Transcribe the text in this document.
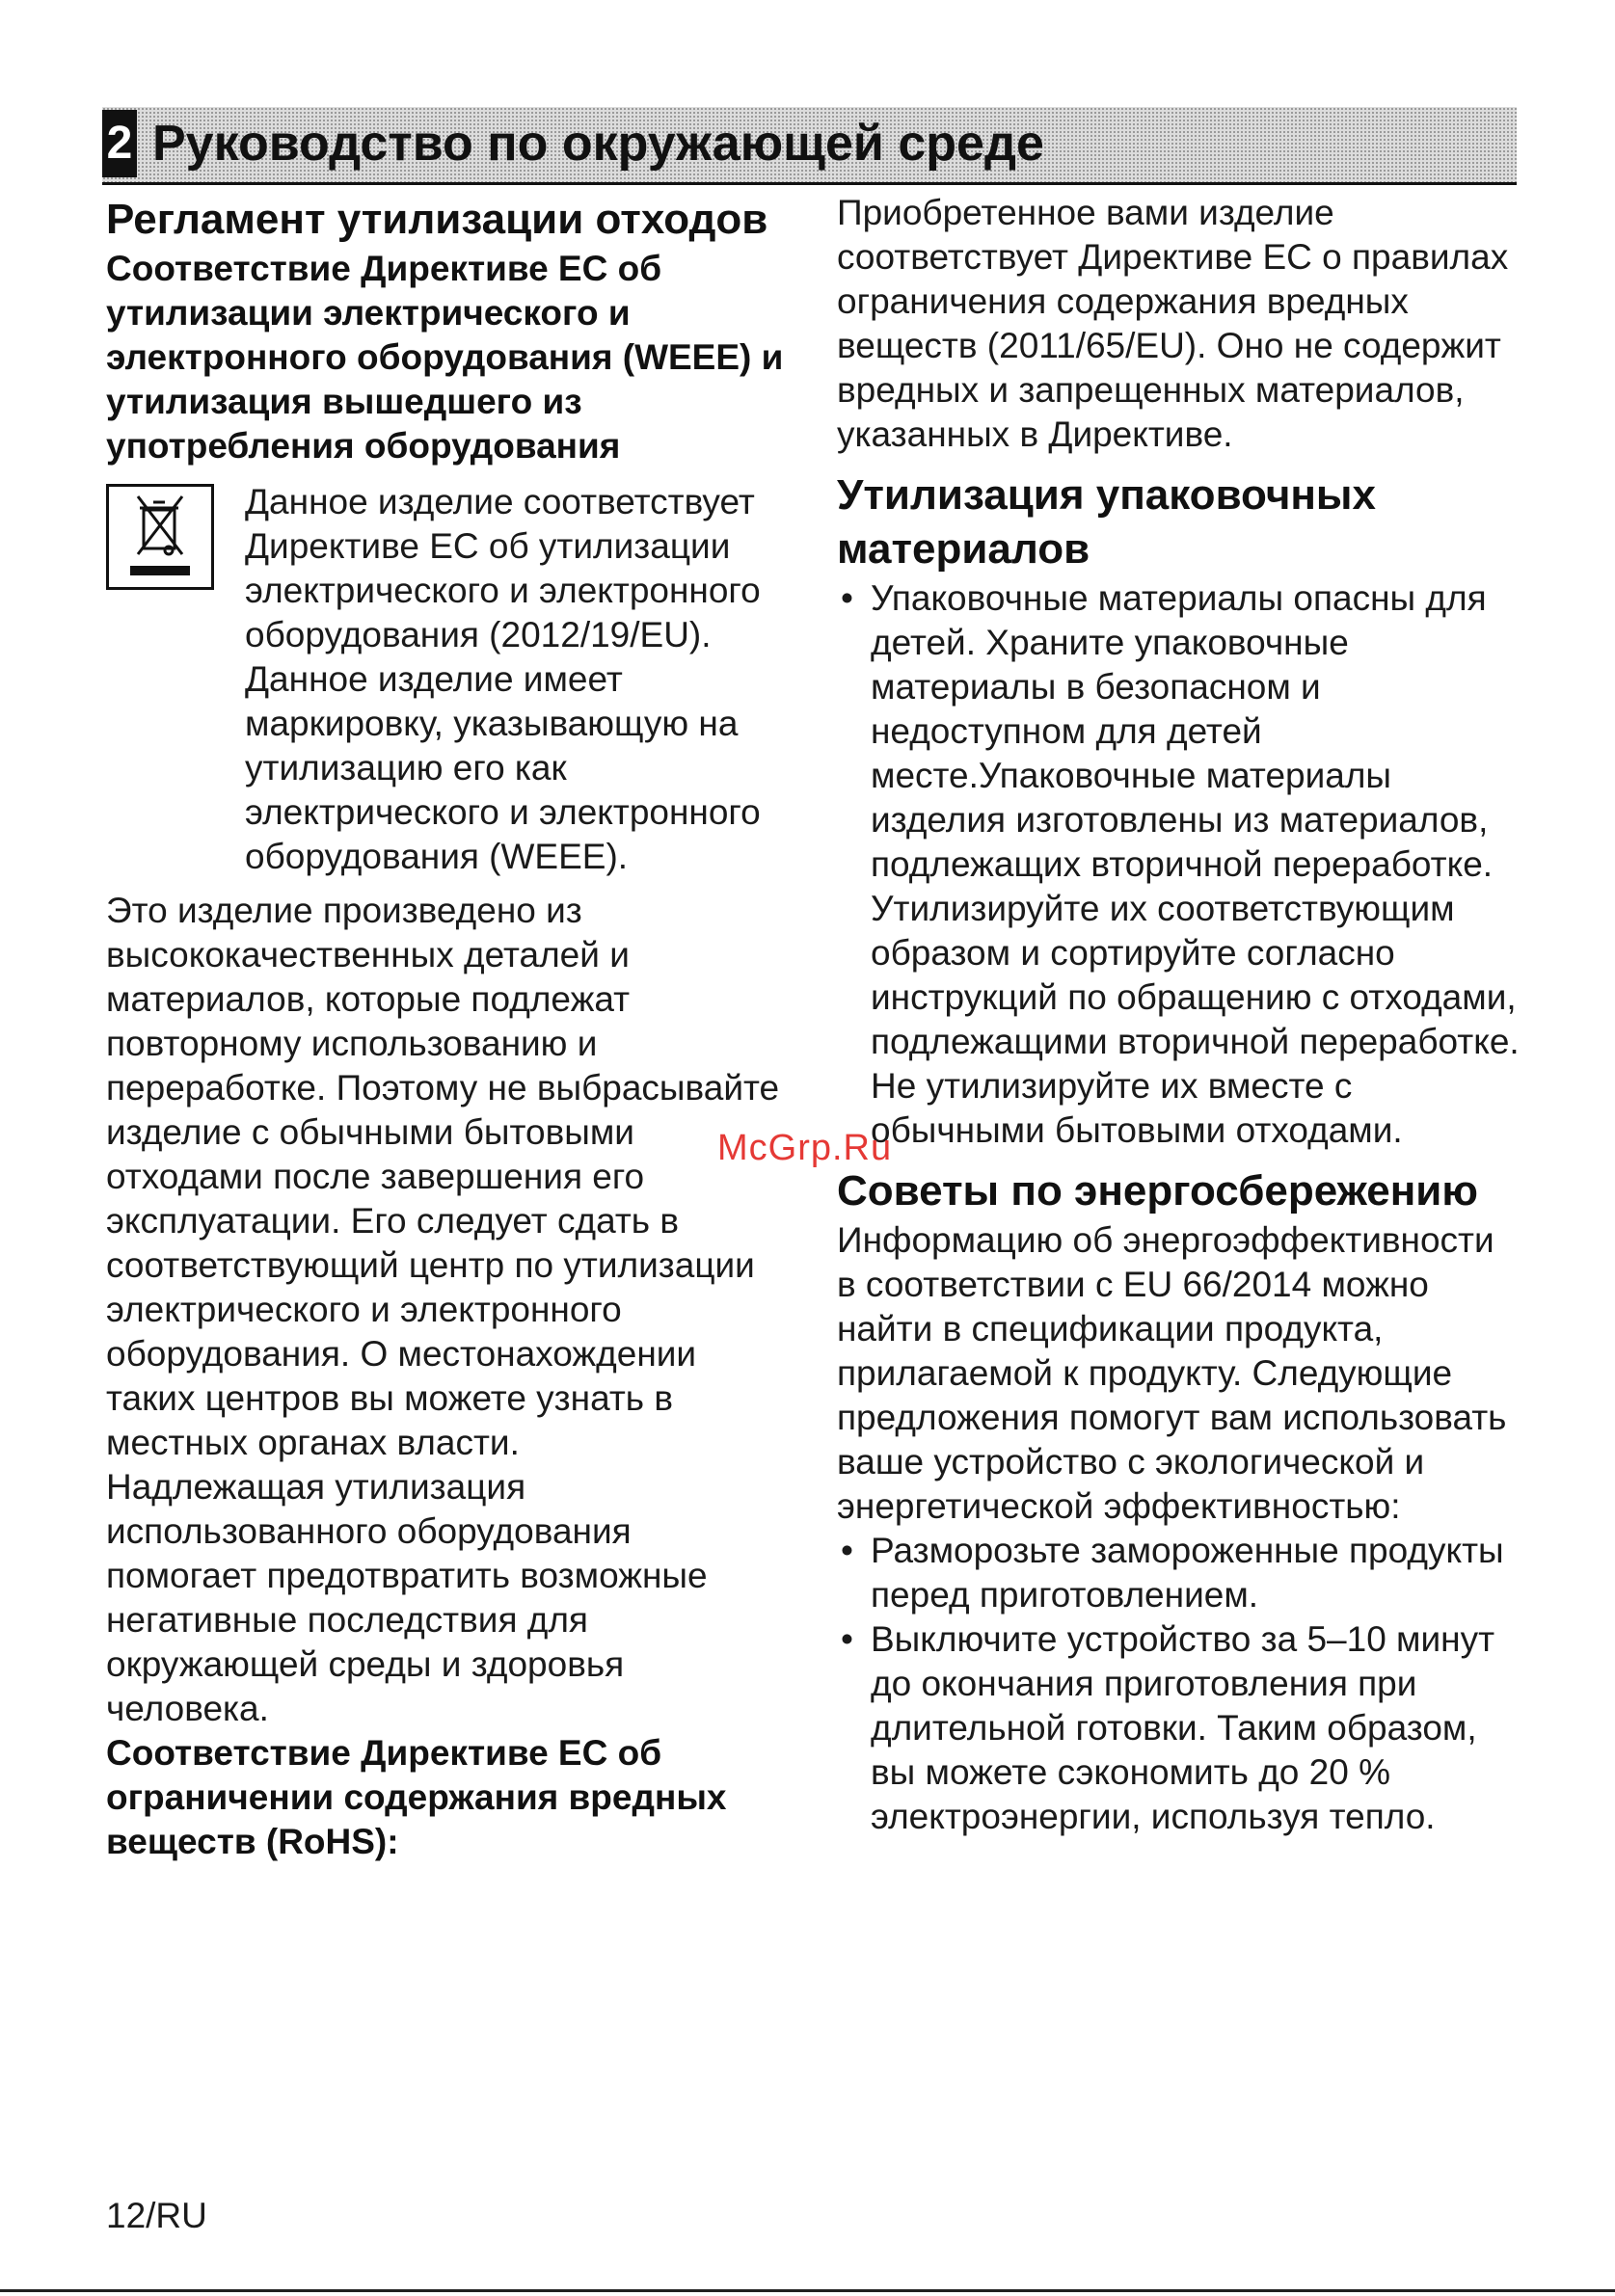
2 Руководство по окружающей среде
Регламент утилизации отходов
Соответствие Директиве ЕС об утилизации электрического и электронного оборудования (WEEE) и утилизация вышедшего из употребления оборудования

Данное изделие соответствует Директиве ЕС об утилизации электрического и электронного оборудования (2012/19/EU). Данное изделие имеет маркировку, указывающую на утилизацию его как электрического и электронного оборудования (WEEE).

Это изделие произведено из высококачественных деталей и материалов, которые подлежат повторному использованию и переработке. Поэтому не выбрасывайте изделие с обычными бытовыми отходами после завершения его эксплуатации. Его следует сдать в соответствующий центр по утилизации электрического и электронного оборудования. О местонахождении таких центров вы можете узнать в местных органах власти.

Надлежащая утилизация использованного оборудования помогает предотвратить возможные негативные последствия для окружающей среды и здоровья человека.

Соответствие Директиве ЕС об ограничении содержания вредных веществ (RoHS):

Приобретенное вами изделие соответствует Директиве ЕС о правилах ограничения содержания вредных веществ (2011/65/EU). Оно не содержит вредных и запрещенных материалов, указанных в Директиве.

Утилизация упаковочных материалов
• Упаковочные материалы опасны для детей. Храните упаковочные материалы в безопасном и недоступном для детей месте.Упаковочные материалы изделия изготовлены из материалов, подлежащих вторичной переработке. Утилизируйте их соответствующим образом и сортируйте согласно инструкций по обращению с отходами, подлежащими вторичной переработке. Не утилизируйте их вместе с обычными бытовыми отходами.
Советы по энергосбережению

Информацию об энергоэффективности в соответствии с EU 66/2014 можно найти в спецификации продукта, прилагаемой к продукту. Следующие предложения помогут вам использовать ваше устройство с экологической и энергетической эффективностью:

• Разморозьте замороженные продукты перед приготовлением.
• Выключите устройство за 5–10 минут до окончания приготовления при длительной готовки. Таким образом, вы можете сэкономить до 20 % электроэнергии, используя тепло.
McGrp.Ru
12/RU
